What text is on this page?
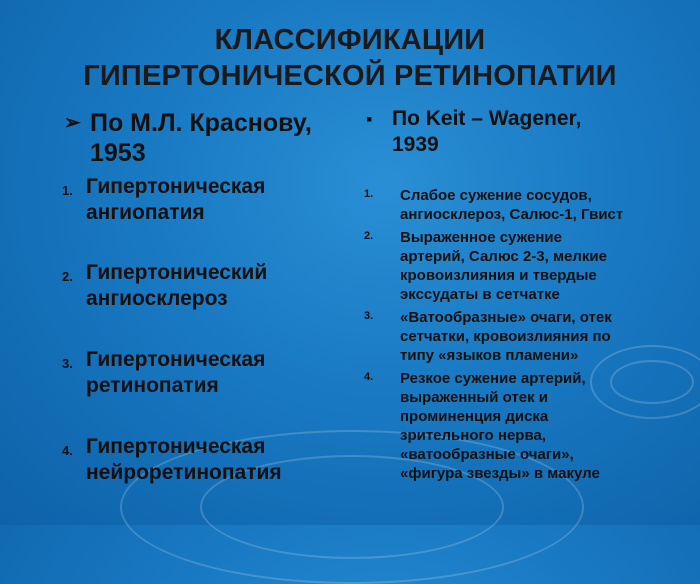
КЛАССИФИКАЦИИ
ГИПЕРТОНИЧЕСКОЙ РЕТИНОПАТИИ
➢ По М.Л. Краснову,
1953
1. Гипертоническая
ангиопатия
2. Гипертонический
ангиосклероз
3. Гипертоническая
ретинопатия
4. Гипертоническая
нейроретинопатия
▪ По Keit – Wagener,
1939
1.	Слабое сужение сосудов,
ангиосклероз, Салюс-1, Гвист
2.	Выраженное сужение
артерий, Салюс 2-3, мелкие
кровоизлияния и твердые
экссудаты в сетчатке
3.	«Ватообразные» очаги, отек
сетчатки, кровоизлияния по
типу «языков пламени»
4.	Резкое сужение артерий,
выраженный отек и
проминенция диска
зрительного нерва,
«ватообразные очаги»,
«фигура звезды» в макуле
